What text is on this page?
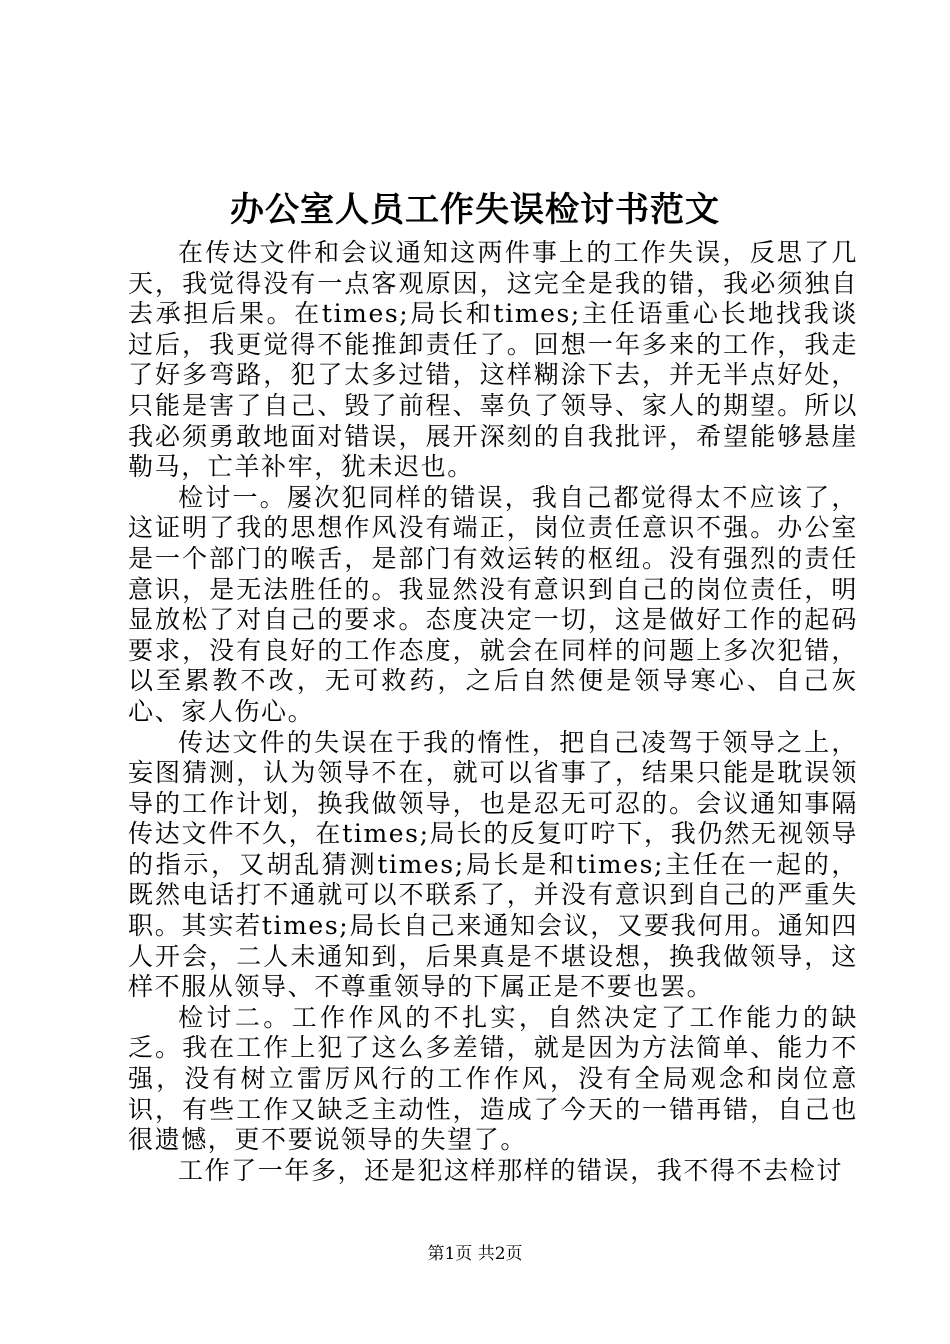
办公室人员工作失误检讨书范文

在传达文件和会议通知这两件事上的工作失误，反思了几天，我觉得没有一点客观原因，这完全是我的错，我必须独自去承担后果。在times;局长和times;主任语重心长地找我谈过后，我更觉得不能推卸责任了。回想一年多来的工作，我走了好多弯路，犯了太多过错，这样糊涂下去，并无半点好处，只能是害了自己、毁了前程、辜负了领导、家人的期望。所以我必须勇敢地面对错误，展开深刻的自我批评，希望能够悬崖勒马，亡羊补牢，犹未迟也。

检讨一。屡次犯同样的错误，我自己都觉得太不应该了，这证明了我的思想作风没有端正，岗位责任意识不强。办公室是一个部门的喉舌，是部门有效运转的枢纽。没有强烈的责任意识，是无法胜任的。我显然没有意识到自己的岗位责任，明显放松了对自己的要求。态度决定一切，这是做好工作的起码要求，没有良好的工作态度，就会在同样的问题上多次犯错，以至累教不改，无可救药，之后自然便是领导寒心、自己灰心、家人伤心。

传达文件的失误在于我的惰性，把自己凌驾于领导之上，妄图猜测，认为领导不在，就可以省事了，结果只能是耽误领导的工作计划，换我做领导，也是忍无可忍的。会议通知事隔传达文件不久，在times;局长的反复叮咛下，我仍然无视领导的指示，又胡乱猜测times;局长是和times;主任在一起的，既然电话打不通就可以不联系了，并没有意识到自己的严重失职。其实若times;局长自己来通知会议，又要我何用。通知四人开会，二人未通知到，后果真是不堪设想，换我做领导，这样不服从领导、不尊重领导的下属正是不要也罢。

检讨二。工作作风的不扎实，自然决定了工作能力的缺乏。我在工作上犯了这么多差错，就是因为方法简单、能力不强，没有树立雷厉风行的工作作风，没有全局观念和岗位意识，有些工作又缺乏主动性，造成了今天的一错再错，自己也很遗憾，更不要说领导的失望了。

工作了一年多，还是犯这样那样的错误，我不得不去检讨

第1页 共2页
